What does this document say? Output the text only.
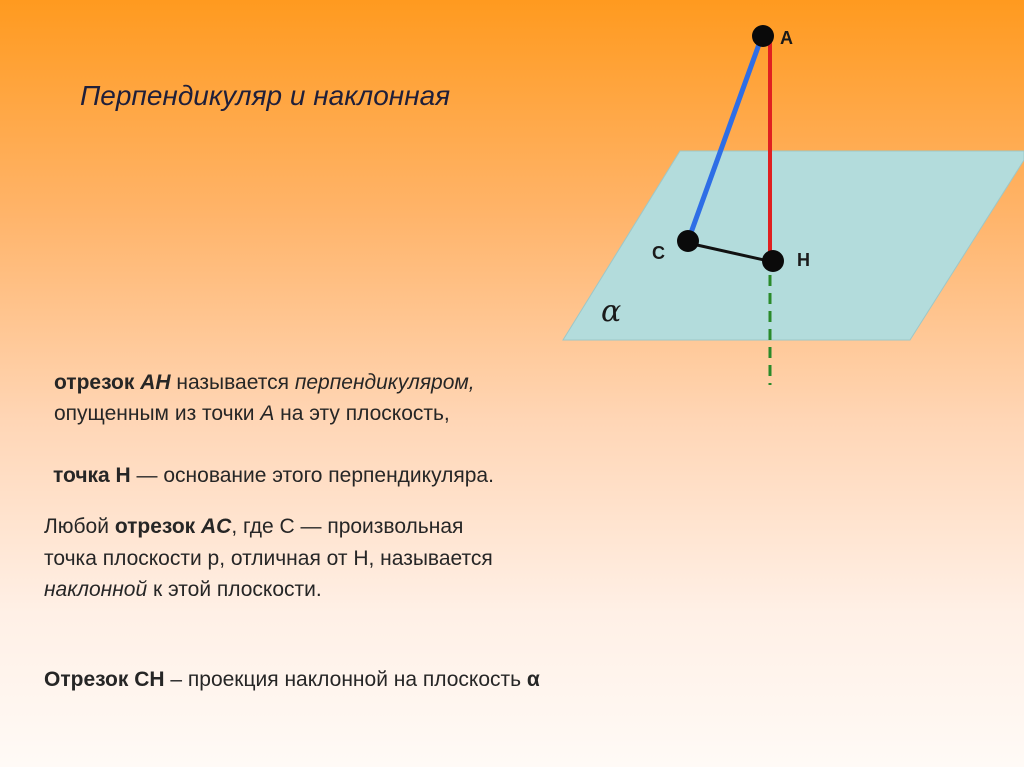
Перпендикуляр и наклонная
A
C	H
α
отрезок AH называется перпендикуляром,
опущенным из точки A на эту плоскость,
точка H — основание этого перпендикуляра.
Любой отрезок AC, где С — произвольная
точка плоскости р, отличная от Н, называется
наклонной к этой плоскости.
Отрезок СН – проекция наклонной на плоскость α
